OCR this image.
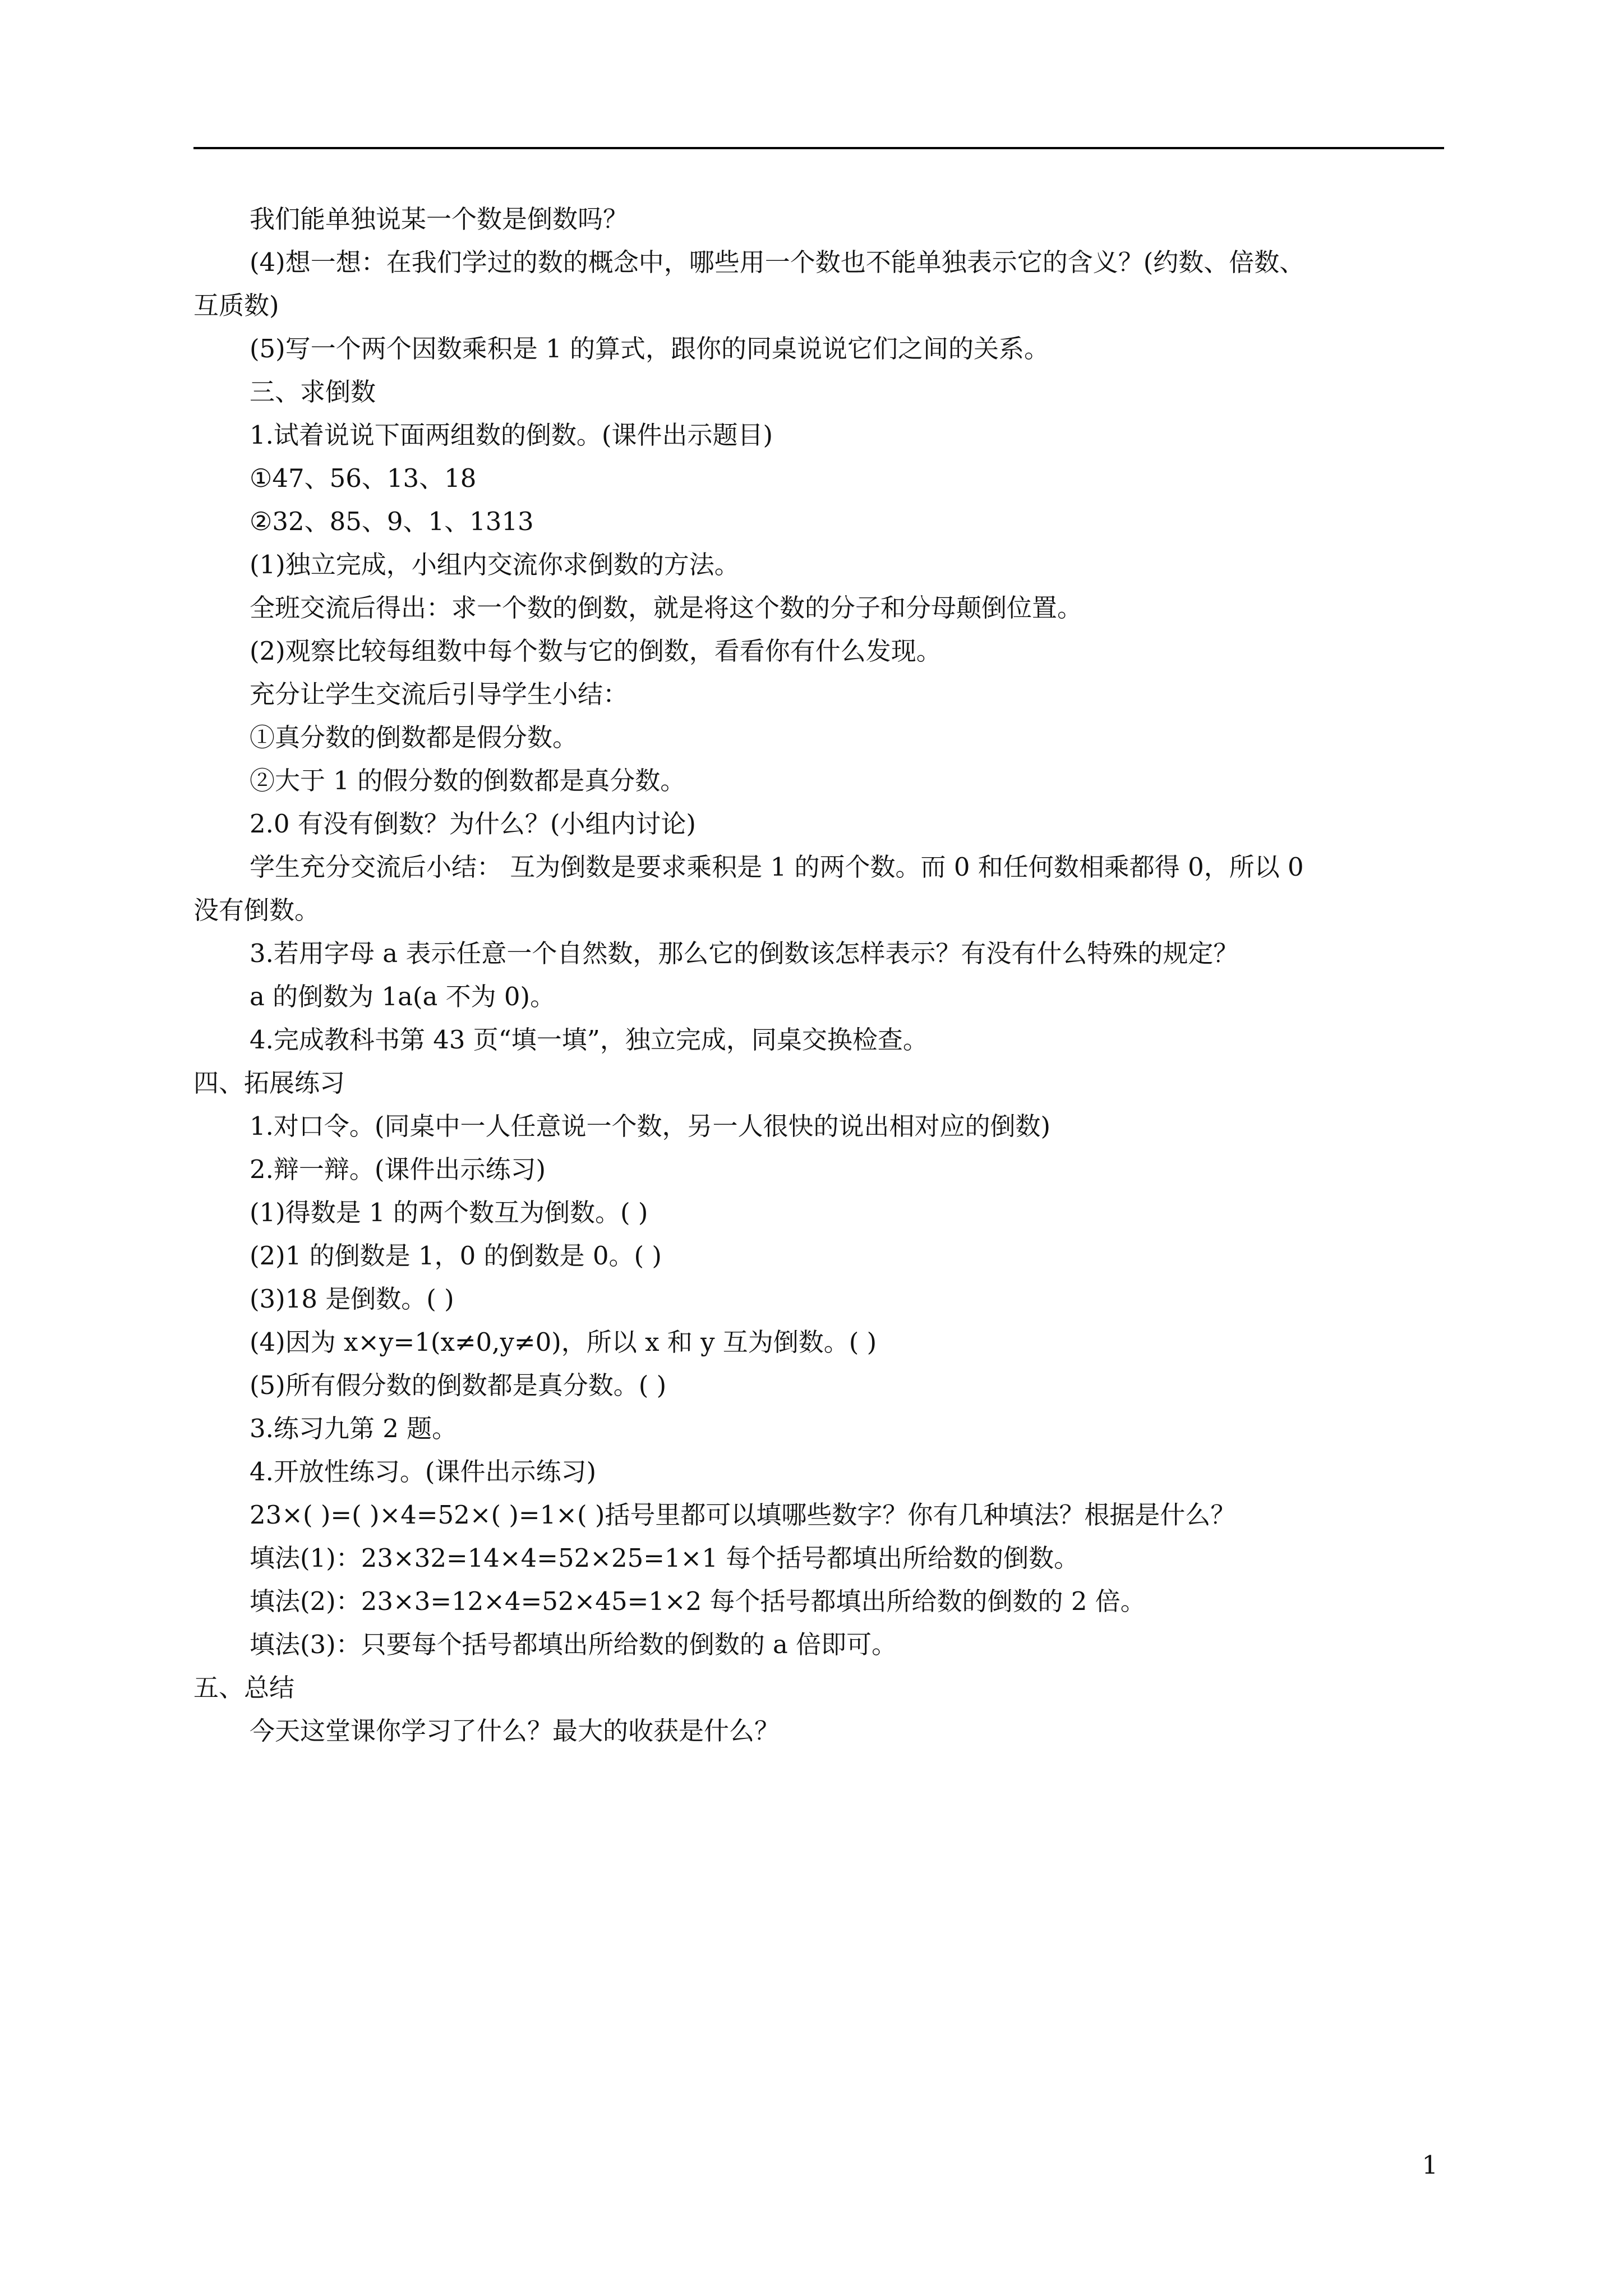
我们能单独说某一个数是倒数吗？
(4)想一想：在我们学过的数的概念中，哪些用一个数也不能单独表示它的含义？(约数、倍数、
互质数)
(5)写一个两个因数乘积是 1 的算式，跟你的同桌说说它们之间的关系。
三、求倒数
1.试着说说下面两组数的倒数。(课件出示题目)
①47、56、13、18
②32、85、9、1、1313
(1)独立完成，小组内交流你求倒数的方法。
全班交流后得出：求一个数的倒数，就是将这个数的分子和分母颠倒位置。
(2)观察比较每组数中每个数与它的倒数，看看你有什么发现。
充分让学生交流后引导学生小结：
①真分数的倒数都是假分数。
②大于 1 的假分数的倒数都是真分数。
2.0 有没有倒数？为什么？(小组内讨论)
学生充分交流后小结： 互为倒数是要求乘积是 1 的两个数。而 0 和任何数相乘都得 0，所以 0
没有倒数。
3.若用字母 a 表示任意一个自然数，那么它的倒数该怎样表示？有没有什么特殊的规定？
a 的倒数为 1a(a 不为 0)。
4.完成教科书第 43 页“填一填”，独立完成，同桌交换检查。
四、拓展练习
1.对口令。(同桌中一人任意说一个数，另一人很快的说出相对应的倒数)
2.辩一辩。(课件出示练习)
(1)得数是 1 的两个数互为倒数。( )
(2)1 的倒数是 1，0 的倒数是 0。( )
(3)18 是倒数。( )
(4)因为 x×y=1(x≠0,y≠0)，所以 x 和 y 互为倒数。( )
(5)所有假分数的倒数都是真分数。( )
3.练习九第 2 题。
4.开放性练习。(课件出示练习)
23×( )=( )×4=52×( )=1×( )括号里都可以填哪些数字？你有几种填法？根据是什么？
填法(1)：23×32=14×4=52×25=1×1 每个括号都填出所给数的倒数。
填法(2)：23×3=12×4=52×45=1×2 每个括号都填出所给数的倒数的 2 倍。
填法(3)：只要每个括号都填出所给数的倒数的 a 倍即可。
五、总结
今天这堂课你学习了什么？最大的收获是什么？
1
